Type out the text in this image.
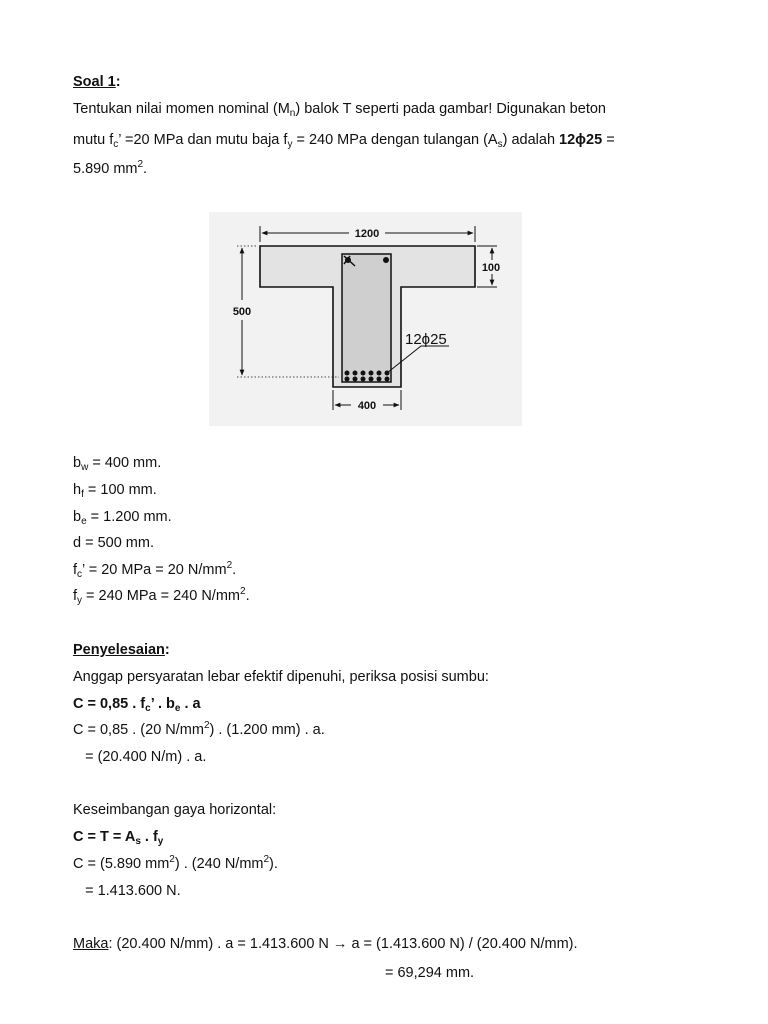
Soal 1:
Tentukan nilai momen nominal $(M_n)$ balok T seperti pada gambar! Digunakan beton
mutu $f_c$’ =20 MPa dan mutu baja $f_y = 240$ MPa dengan tulangan $(A_s)$ adalah 12ϕ25 =
5.890 $mm^2$.
12ϕ25
1200
100
500
400
$b_w = 400$ mm.
$h_f = 100$ mm.
$b_e = 1.200$ mm.
d = 500 mm.
$f_c$’ = 20 MPa = 20 $N/mm^2$.
$f_y = 240$ MPa = 240 $N/mm^2$.
Penyelesaian:
Anggap persyaratan lebar efektif dipenuhi, periksa posisi sumbu:
C = 0,85 . $f_c$’ . $b_e$ . a
C = 0,85 . (20 $N/mm^2$) . (1.200 mm) . a.
= (20.400 N/m) . a.
Keseimbangan gaya horizontal:
$C = T = A_s$ . $f_y$
C = (5.890 $mm^2$) . (240 $N/mm^2$).
= 1.413.600 N.
Maka: (20.400 N/mm) . a = 1.413.600 N → a = (1.413.600 N) / (20.400 N/mm).
= 69,294 mm.
